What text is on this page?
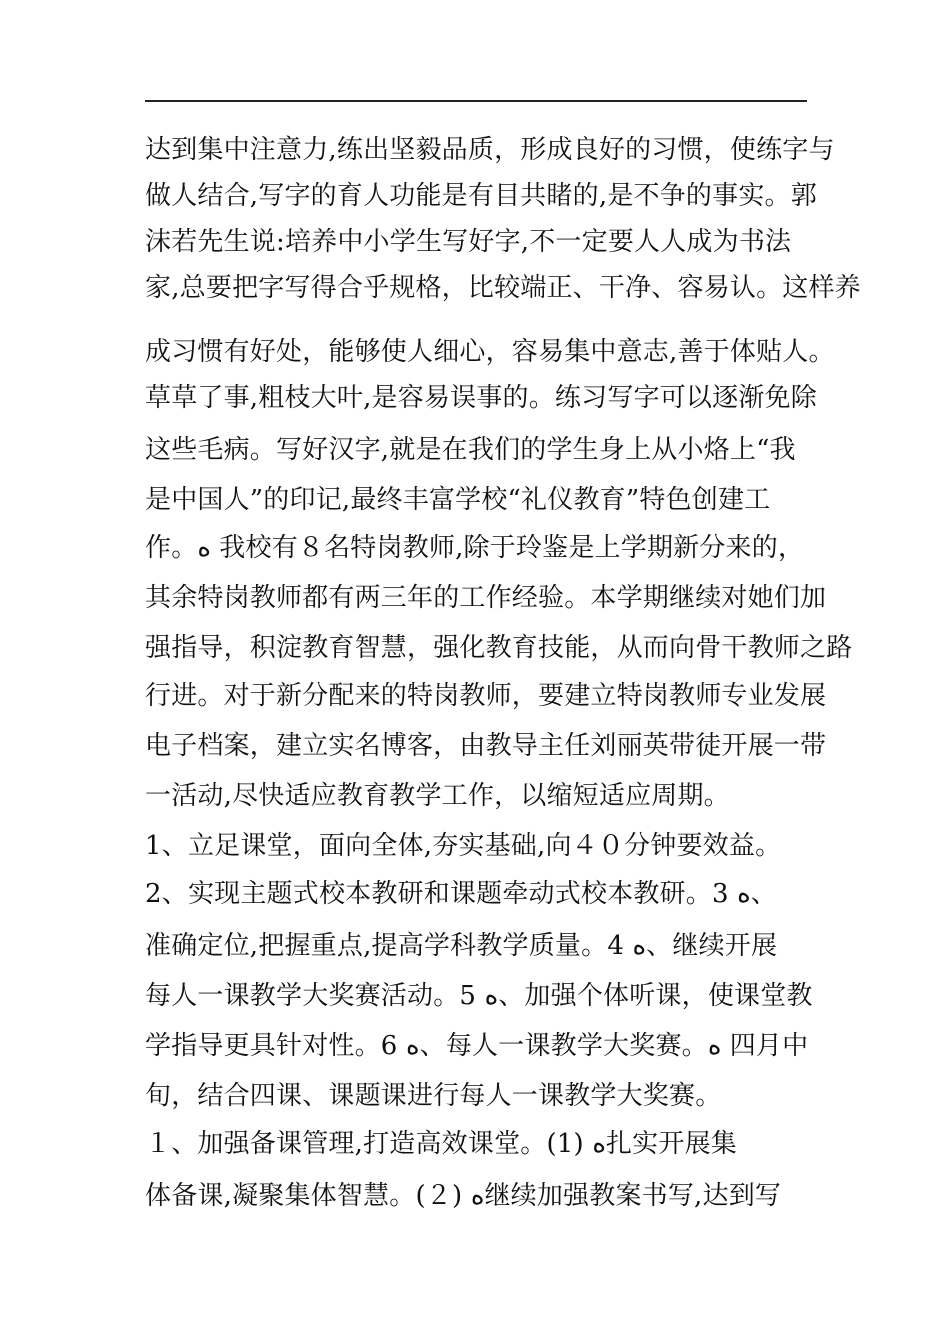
达到集中注意力,练出坚毅品质，形成良好的习惯，使练字与
做人结合,写字的育人功能是有目共睹的,是不争的事实。郭
沫若先生说:培养中小学生写好字,不一定要人人成为书法
家,总要把字写得合乎规格，比较端正、干净、容易认。这样养
成习惯有好处，能够使人细心，容易集中意志,善于体贴人。
草草了事,粗枝大叶,是容易误事的。练习写字可以逐渐免除
这些毛病。写好汉字,就是在我们的学生身上从小烙上“我
是中国人”的印记,最终丰富学校“礼仪教育”特色创建工
作。ه 我校有８名特岗教师,除于玲鉴是上学期新分来的，
其余特岗教师都有两三年的工作经验。本学期继续对她们加
强指导，积淀教育智慧，强化教育技能，从而向骨干教师之路
行进。对于新分配来的特岗教师，要建立特岗教师专业发展
电子档案，建立实名博客，由教导主任刘丽英带徒开展一带
一活动,尽快适应教育教学工作，以缩短适应周期。
1、立足课堂，面向全体,夯实基础,向４０分钟要效益。
2、实现主题式校本教研和课题牵动式校本教研。3 ه、
准确定位,把握重点,提高学科教学质量。4 ه、继续开展
每人一课教学大奖赛活动。5 ه、加强个体听课，使课堂教
学指导更具针对性。6 ه、每人一课教学大奖赛。ه 四月中
旬，结合四课、课题课进行每人一课教学大奖赛。
１、加强备课管理,打造高效课堂。(1) ه扎实开展集
体备课,凝聚集体智慧。(２) ه继续加强教案书写,达到写
